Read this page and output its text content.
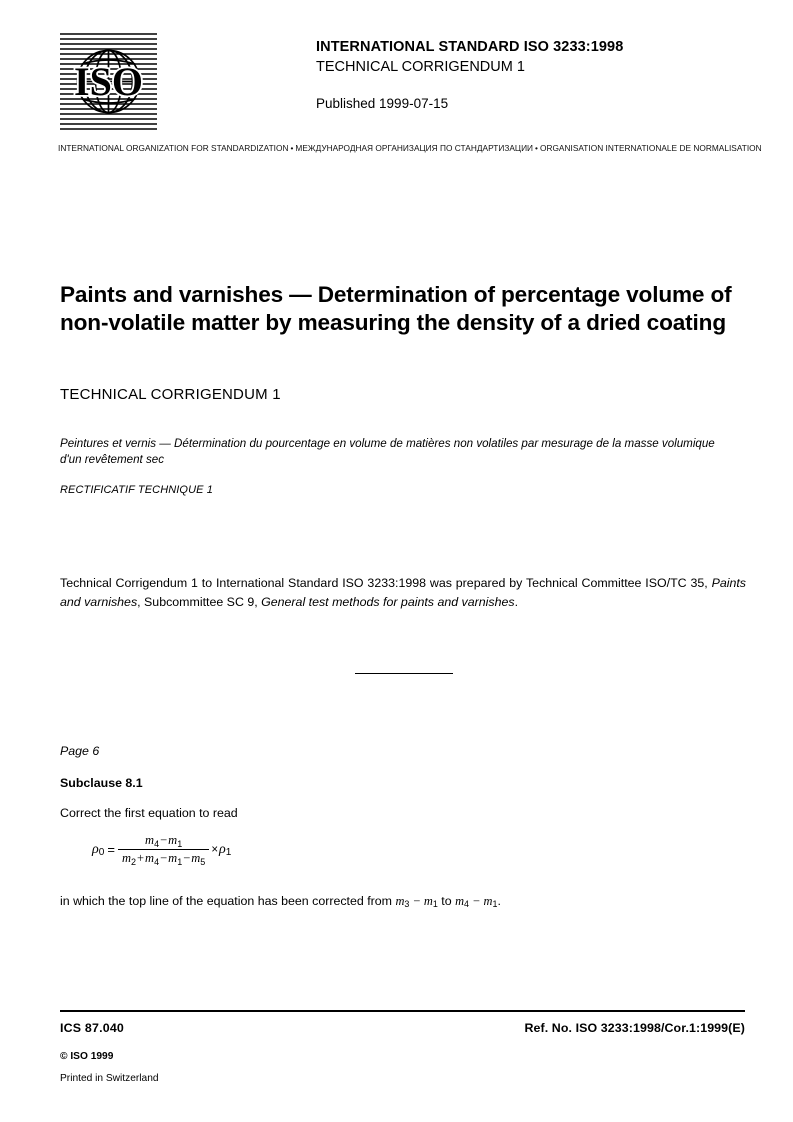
ISO
INTERNATIONAL STANDARD ISO 3233:1998
TECHNICAL CORRIGENDUM 1
Published 1999-07-15
INTERNATIONAL ORGANIZATION FOR STANDARDIZATION • МЕЖДУНАРОДНАЯ ОРГАНИЗАЦИЯ ПО СТАНДАРТИЗАЦИИ • ORGANISATION INTERNATIONALE DE NORMALISATION
Paints and varnishes — Determination of percentage volume of non-volatile matter by measuring the density of a dried coating
TECHNICAL CORRIGENDUM 1
Peintures et vernis — Détermination du pourcentage en volume de matières non volatiles par mesurage de la masse volumique d'un revêtement sec
RECTIFICATIF TECHNIQUE 1

Technical Corrigendum 1 to International Standard ISO 3233:1998 was prepared by Technical Committee ISO/TC 35, Paints and varnishes, Subcommittee SC 9, General test methods for paints and varnishes.

Page 6
Subclause 8.1
Correct the first equation to read
$\rho_0 = \frac{m_4-m_1}{m_2+m_4-m_1-m_5} \times \rho_1$
in which the top line of the equation has been corrected from $m_3 - m_1$ to $m_4 - m_1$.
ICS 87.040	Ref. No. ISO 3233:1998/Cor.1:1999(E)
© ISO 1999
Printed in Switzerland
